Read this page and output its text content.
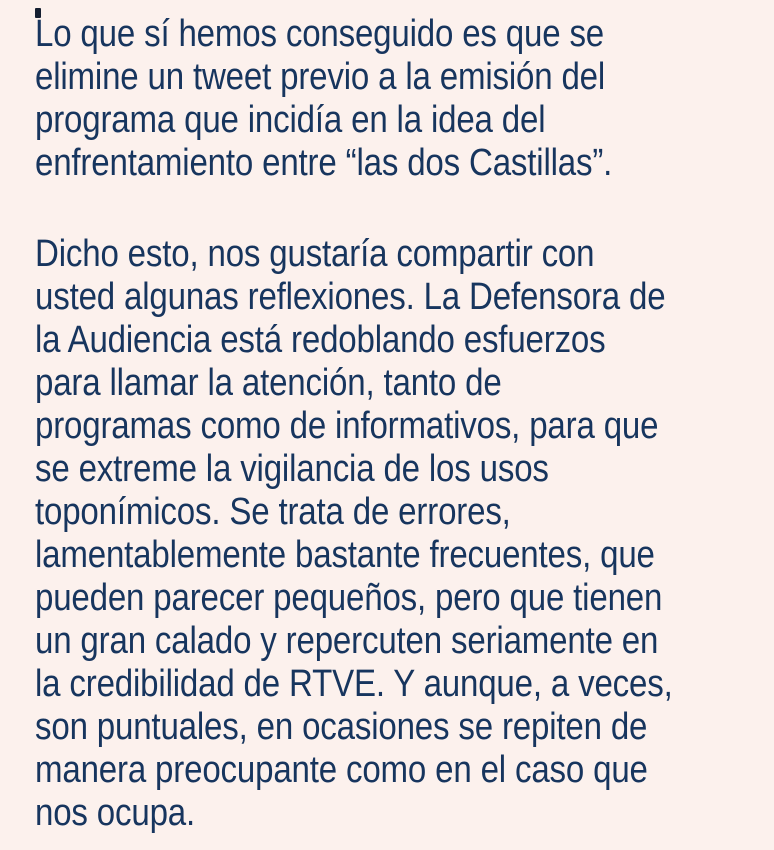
Lo que sí hemos conseguido es que se
elimine un tweet previo a la emisión del
programa que incidía en la idea del
enfrentamiento entre “las dos Castillas”.
Dicho esto, nos gustaría compartir con
usted algunas reflexiones. La Defensora de
la Audiencia está redoblando esfuerzos
para llamar la atención, tanto de
programas como de informativos, para que
se extreme la vigilancia de los usos
toponímicos. Se trata de errores,
lamentablemente bastante frecuentes, que
pueden parecer pequeños, pero que tienen
un gran calado y repercuten seriamente en
la credibilidad de RTVE. Y aunque, a veces,
son puntuales, en ocasiones se repiten de
manera preocupante como en el caso que
nos ocupa.
